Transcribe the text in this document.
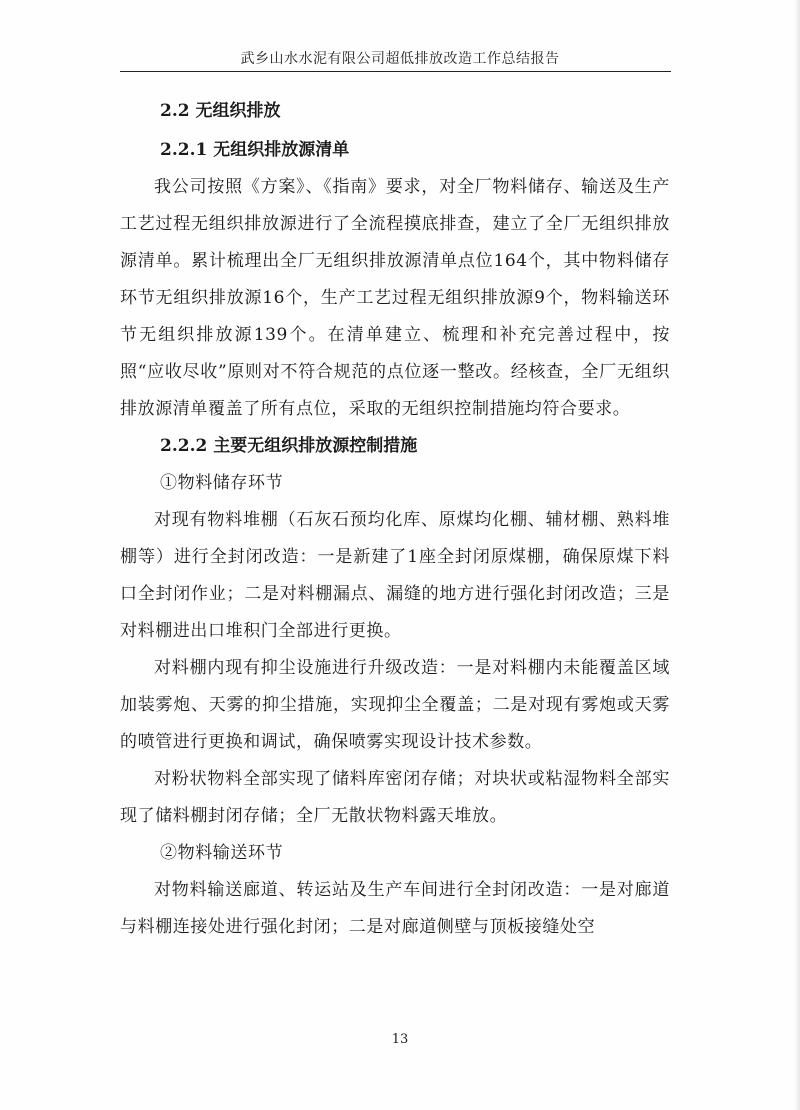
武乡山水水泥有限公司超低排放改造工作总结报告
2.2 无组织排放
2.2.1 无组织排放源清单

我公司按照《方案》、《指南》要求，对全厂物料储存、输送及生产工艺过程无组织排放源进行了全流程摸底排查，建立了全厂无组织排放源清单。累计梳理出全厂无组织排放源清单点位164个，其中物料储存环节无组织排放源16个，生产工艺过程无组织排放源9个，物料输送环节无组织排放源139个。在清单建立、梳理和补充完善过程中，按照“应收尽收”原则对不符合规范的点位逐一整改。经核查，全厂无组织排放源清单覆盖了所有点位，采取的无组织控制措施均符合要求。

2.2.2 主要无组织排放源控制措施
①物料储存环节

对现有物料堆棚（石灰石预均化库、原煤均化棚、辅材棚、熟料堆棚等）进行全封闭改造：一是新建了1座全封闭原煤棚，确保原煤下料口全封闭作业；二是对料棚漏点、漏缝的地方进行强化封闭改造；三是对料棚进出口堆积门全部进行更换。

对料棚内现有抑尘设施进行升级改造：一是对料棚内未能覆盖区域加装雾炮、天雾的抑尘措施，实现抑尘全覆盖；二是对现有雾炮或天雾的喷管进行更换和调试，确保喷雾实现设计技术参数。

对粉状物料全部实现了储料库密闭存储；对块状或粘湿物料全部实现了储料棚封闭存储；全厂无散状物料露天堆放。

②物料输送环节

对物料输送廊道、转运站及生产车间进行全封闭改造：一是对廊道与料棚连接处进行强化封闭；二是对廊道侧壁与顶板接缝处空

13
